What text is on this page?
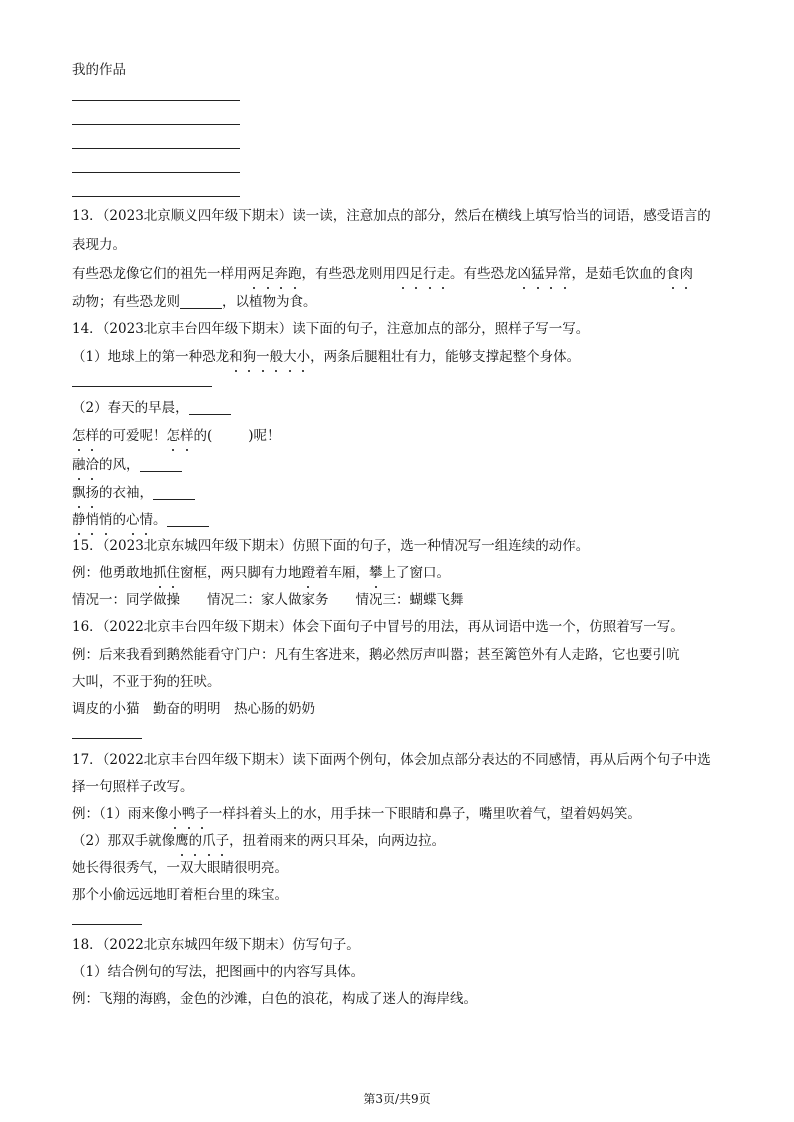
我的作品
13．（2023北京顺义四年级下期末）读一读，注意加点的部分，然后在横线上填写恰当的词语，感受语言的
表现力。
有些恐龙像它们的祖先一样用两足奔跑，有些恐龙则用四足行走。有些恐龙凶猛异常，是茹毛饮血的食肉
动物；有些恐龙则	，以植物为食。
14．（2023北京丰台四年级下期末）读下面的句子，注意加点的部分，照样子写一写。
（1）地球上的第一种恐龙和狗一般大小，两条后腿粗壮有力，能够支撑起整个身体。
（2）春天的早晨，
怎样的可爱呢！怎样的(	)呢！
融洽的风，
飘扬的衣袖，
静悄悄的心情。
15．（2023北京东城四年级下期末）仿照下面的句子，选一种情况写一组连续的动作。
例：他勇敢地抓住窗框，两只脚有力地蹬着车厢，攀上了窗口。
情况一：同学做操　　情况二：家人做家务　　情况三：蝴蝶飞舞
16．（2022北京丰台四年级下期末）体会下面句子中冒号的用法，再从词语中选一个，仿照着写一写。
例：后来我看到鹅然能看守门户：凡有生客进来，鹅必然厉声叫嚣；甚至篱笆外有人走路，它也要引吭
大叫，不亚于狗的狂吠。
调皮的小猫　勤奋的明明　热心肠的奶奶
17．（2022北京丰台四年级下期末）读下面两个例句，体会加点部分表达的不同感情，再从后两个句子中选
择一句照样子改写。
例：（1）雨来像小鸭子一样抖着头上的水，用手抹一下眼睛和鼻子，嘴里吹着气，望着妈妈笑。
（2）那双手就像鹰的爪子，扭着雨来的两只耳朵，向两边拉。
她长得很秀气，一双大眼睛很明亮。
那个小偷远远地盯着柜台里的珠宝。
18．（2022北京东城四年级下期末）仿写句子。
（1）结合例句的写法，把图画中的内容写具体。
例：飞翔的海鸥，金色的沙滩，白色的浪花，构成了迷人的海岸线。
第3页/共9页
